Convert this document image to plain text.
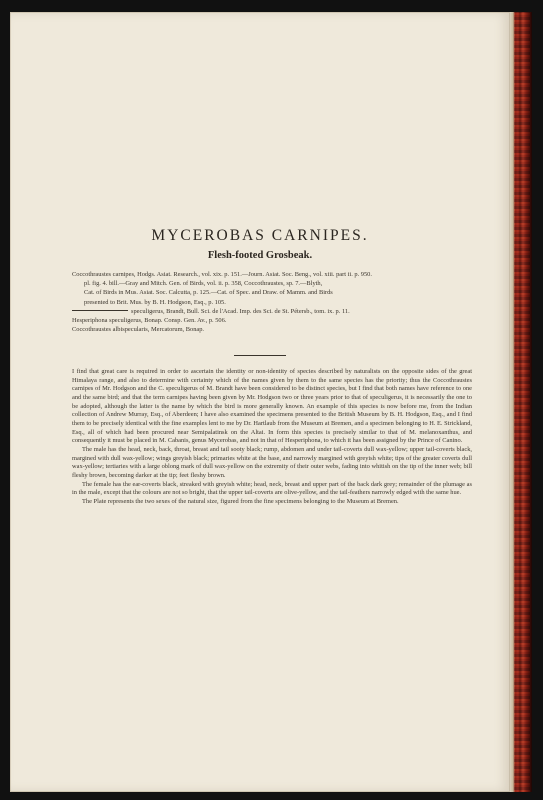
MYCEROBAS CARNIPES.
Flesh-footed Grosbeak.
Coccothraustes carnipes, Hodgs. Asiat. Research., vol. xix. p. 151.—Journ. Asiat. Soc. Beng., vol. xiii. part ii. p. 950.
pl. fig. 4. bill.—Gray and Mitch. Gen. of Birds, vol. ii. p. 358, Coccothraustes, sp. 7.—Blyth,
Cat. of Birds in Mus. Asiat. Soc. Calcutta, p. 125.—Cat. of Spec. and Draw. of Mamm. and Birds
presented to Brit. Mus. by B. H. Hodgson, Esq., p. 105.
speculigerus, Brandt, Bull. Sci. de l'Acad. Imp. des Sci. de St. Pétersb., tom. ix. p. 11.
Hesperiphona speculigerus, Bonap. Consp. Gen. Av., p. 506.
Coccothraustes albispecularis, Mercatorum, Bonap.

I find that great care is required in order to ascertain the identity or non-identity of species described by naturalists on the opposite sides of the great Himalaya range, and also to determine with certainty which of the names given by them to the same species has the priority; thus the Coccothraustes carnipes of Mr. Hodgson and the C. speculigerus of M. Brandt have been considered to be distinct species, but I find that both names have reference to one and the same bird; and that the term carnipes having been given by Mr. Hodgson two or three years prior to that of speculigerus, it is necessarily the one to be adopted, although the latter is the name by which the bird is more generally known. An example of this species is now before me, from the Indian collection of Andrew Murray, Esq., of Aberdeen; I have also examined the specimens presented to the British Museum by B. H. Hodgson, Esq., and I find them to be precisely identical with the fine examples lent to me by Dr. Hartlaub from the Museum at Bremen, and a specimen belonging to H. E. Strickland, Esq., all of which had been procured near Semipalatinsk on the Altai. In form this species is precisely similar to that of M. melanoxanthus, and consequently it must be placed in M. Cabanis, genus Mycerobas, and not in that of Hesperiphona, to which it has been assigned by the Prince of Canino.

The male has the head, neck, back, throat, breast and tail sooty black; rump, abdomen and under tail-coverts dull wax-yellow; upper tail-coverts black, margined with dull wax-yellow; wings greyish black; primaries white at the base, and narrowly margined with greyish white; tips of the greater coverts dull wax-yellow; tertiaries with a large oblong mark of dull wax-yellow on the extremity of their outer webs, fading into whitish on the tip of the inner web; bill fleshy brown, becoming darker at the tip; feet fleshy brown.

The female has the ear-coverts black, streaked with greyish white; head, neck, breast and upper part of the back dark grey; remainder of the plumage as in the male, except that the colours are not so bright, that the upper tail-coverts are olive-yellow, and the tail-feathers narrowly edged with the same hue.

The Plate represents the two sexes of the natural size, figured from the fine specimens belonging to the Museum at Bremen.
